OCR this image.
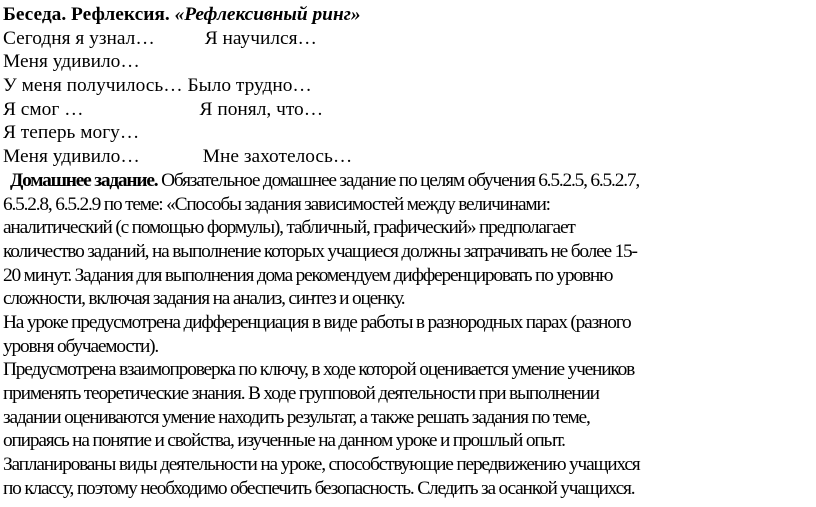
Беседа. Рефлексия. «Рефлексивный ринг»
Сегодня я узнал…	Я научился…
Меня удивило…
У меня получилось… Было трудно…
Я смог …	Я понял, что…
Я теперь могу…
Меня удивило…	Мне захотелось…
Домашнее задание. Обязательное домашнее задание по целям обучения 6.5.2.5, 6.5.2.7,
6.5.2.8, 6.5.2.9 по теме: «Способы задания зависимостей между величинами:
аналитический (с помощью формулы), табличный, графический» предполагает
количество заданий, на выполнение которых учащиеся должны затрачивать не более 15-
20 минут. Задания для выполнения дома рекомендуем дифференцировать по уровню
сложности, включая задания на анализ, синтез и оценку.
На уроке предусмотрена дифференциация в виде работы в разнородных парах (разного
уровня обучаемости).
Предусмотрена взаимопроверка по ключу, в ходе которой оценивается умение учеников
применять теоретические знания. В ходе групповой деятельности при выполнении
задании оцениваются умение находить результат, а также решать задания по теме,
опираясь на понятие и свойства, изученные на данном уроке и прошлый опыт.
Запланированы виды деятельности на уроке, способствующие передвижению учащихся
по классу, поэтому необходимо обеспечить безопасность. Следить за осанкой учащихся.
